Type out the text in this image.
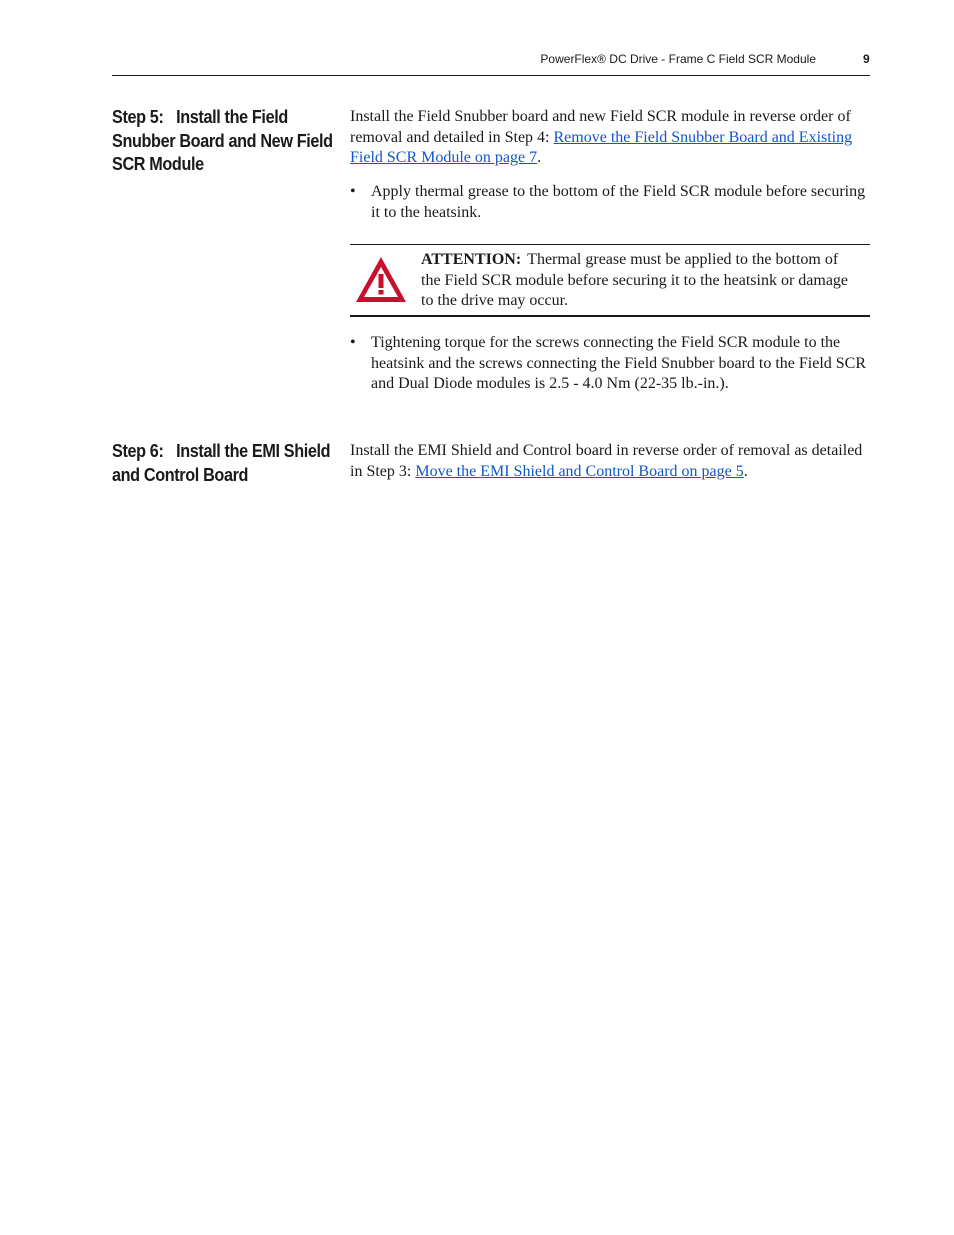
PowerFlex® DC Drive - Frame C Field SCR Module	9
Step 5: Install the Field Snubber Board and New Field SCR Module

Install the Field Snubber board and new Field SCR module in reverse order of removal and detailed in Step 4: Remove the Field Snubber Board and Existing Field SCR Module on page 7.

• Apply thermal grease to the bottom of the Field SCR module before securing it to the heatsink.
ATTENTION: Thermal grease must be applied to the bottom of the Field SCR module before securing it to the heatsink or damage to the drive may occur.
• Tightening torque for the screws connecting the Field SCR module to the heatsink and the screws connecting the Field Snubber board to the Field SCR and Dual Diode modules is 2.5 - 4.0 Nm (22-35 lb.-in.).
Step 6: Install the EMI Shield and Control Board

Install the EMI Shield and Control board in reverse order of removal as detailed in Step 3: Move the EMI Shield and Control Board on page 5.
